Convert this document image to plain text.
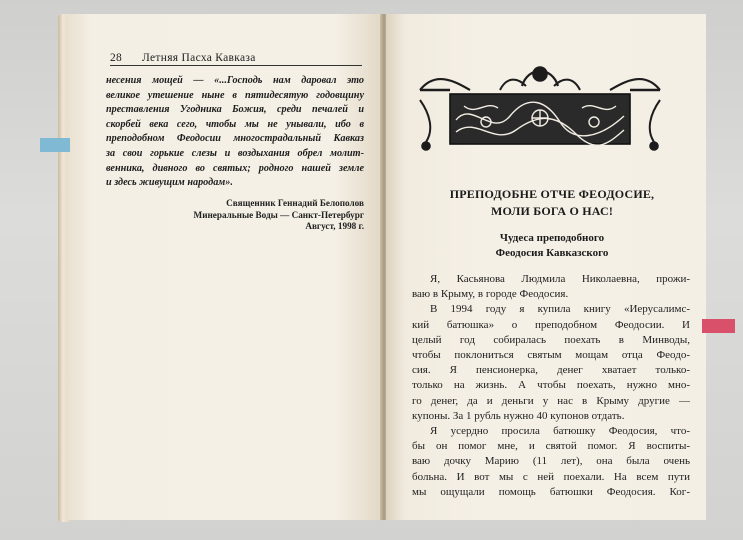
28 Летняя Пасха Кавказа
несения мощей — «...Господь нам даровал это
великое утешение ныне в пятидесятую годовщину
преставления Угодника Божия, среди печалей и
скорбей века сего, чтобы мы не унывали, ибо в
преподобном Феодосии многострадальный Кавказ
за свои горькие слезы и воздыхания обрел молит-
венника, дивного во святых; родного нашей земле
и здесь живущим народам».
Священник Геннадий Белополов
Минеральные Воды — Санкт-Петербург
Август, 1998 г.
ПРЕПОДОБНЕ ОТЧЕ ФЕОДОСИЕ,
МОЛИ БОГА О НАС!
Чудеса преподобного
Феодосия Кавказского
Я, Касьянова Людмила Николаевна, прожи-
ваю в Крыму, в городе Феодосия.
В 1994 году я купила книгу «Иерусалимс-
кий батюшка» о преподобном Феодосии. И
целый год собиралась поехать в Минводы,
чтобы поклониться святым мощам отца Феодо-
сия. Я пенсионерка, денег хватает только-
только на жизнь. А чтобы поехать, нужно мно-
го денег, да и деньги у нас в Крыму другие —
купоны. За 1 рубль нужно 40 купонов отдать.
Я усердно просила батюшку Феодосия, что-
бы он помог мне, и святой помог. Я воспиты-
ваю дочку Марию (11 лет), она была очень
больна. И вот мы с ней поехали. На всем пути
мы ощущали помощь батюшки Феодосия. Ког-
